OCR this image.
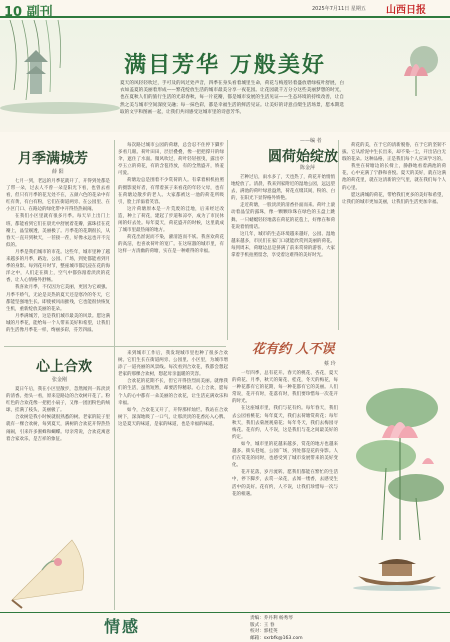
10 副刊	2025年7月11日 星期五 山西日报
满目芳华 万般美好
夏天的风轻轻吹过，手可及的风过处声音，四季在身头看着城里生命，荷花与梅莲轻着盛放碧绿枝叶舒展，白衣如盖夏的美丽着形成——繁花绽放生活的城市最美分享一夜花园。让花园就千万分分这些美丽梦想的时光，也在夏秋人们的旅行生活的光彩春秋，每一片花瓣，都是城市发展的生活见证——生态环境的持续改善，让自然之美与城市空间深度交融；每一抹色彩，都是幸福生活的鲜活见证。让美好的诗意点缀生活场景，愿本期选取的文字和图画一起，让我们共同感受这城市里的诗意芳华。
——编 者
月季满城芳
薛 阳

七月一到，老远的月季花就开了，开得到处都是了带一朵，过去人不曾一朵是阳光下看，也曾去看看，但只有月季的花无处不在，五颜六色的花朵中有红有黄，有白有粉，它们在街道两旁、在公园里、在小区门口、在路边的绿化带中开得热热闹闹。

在我们小区里就有很多月季。每天早上出门上班，都能看到它们在晨光中舒展着花瓣，露珠挂在花瓣上，晶莹剔透，美丽极了。月季花的花期很长，从春天一直开到秋天，一茬接一茬，好像永远也开不完似的。

月季是我们城市的市花。这些年，城市里种了越来越多的月季，路边、公园、广场，到处都能看到月季的身影。每到花开时节，整座城市都沉浸在花的海洋之中，人们走在街上，空气中都弥漫着淡淡的花香，让人心情格外舒畅。

我喜欢月季，不仅因为它美丽，更因为它顽强。月季不娇气，无论是炎热的夏天还是寒冷的冬天，它都能坚强地生长。即使被风雨摧残，它也能很快恢复生机，重新绽放美丽的花朵。

月季满城芳，这是我们城市最美的风景。愿这满城的月季花，能给每一个人带来美好和希望，让我们的生活像月季花一样，绚丽多彩，芬芳四溢。

每次路过城市公园的荷塘，总会忍不住停下脚步多看几眼。荷叶田田，层层叠叠，像一把把撑开的绿伞，遮住了水面。微风吹过，荷叶轻轻摇曳，露出亭亭玉立的荷花，有的含苞待放，有的全然盛开，娇羞可爱。

荷塘边总是围着不少赏荷的人。有拿着相机拍照的摄影爱好者，有带着孩子来看花的年轻父母，也有在荷塘边散步的老人。大家都被这一池的荷花所吸引，脸上洋溢着笑容。

这片荷塘原本是一片荒废的洼地，后来经过改造，种上了荷花，建起了步道和凉亭，成为了市民休闲的好去处。每年夏天，荷花盛开的时候，这里就成了城市里最热闹的地方。

荷花出淤泥而不染，濯清涟而不妖。我喜欢荷花的高洁，也喜欢荷叶的宽广。在这喧嚣的城市里，有这样一方清幽的荷塘，实在是一种难得的幸福。

圆荷始绽放
陈金萍

芒种过后，雨水多了，天也热了，荷花开始悄悄地绽放了。清晨，我来到家附近的湿地公园，远远望去，满池的荷叶绿意盎然，荷花点缀其间，粉的、白的，在阳光下显得格外娇艳。

走近荷塘，一股淡淡的清香扑面而来。荷叶上滚动着晶莹的露珠，像一颗颗珍珠在绿色的玉盘上跳舞。一只蜻蜓轻轻地落在荷花的花苞上，好像在和荷花说着悄悄话。

这几年，城市的生态环境越来越好，公园、湿地越来越多，市民们在家门口就能欣赏到美丽的荷花。每到周末，荷塘边总是挤满了前来赏荷的游客，大家拿着手机拍照留念，享受着这难得的美好时光。

荷花的美，在于它的清新脱俗，在于它的坚韧不拔。它从淤泥中生长出来，却不染一尘，开出洁白无瑕的花朵。这种品格，正是我们每个人应该学习的。

我坐在荷塘边的长椅上，静静地看着满池的荷花，心中充满了宁静和喜悦。夏天的美好，就在这满池的荷花里，就在这清新的空气里，就在我们每个人的心里。

愿这满城的荷花，带给我们更多的美好和希望，让我们的城市更加美丽，让我们的生活更加幸福。

花有约 人不误
蔡 玲

一年四季，总有花开。春天的桃花、杏花，夏天的荷花、月季，秋天的菊花、桂花，冬天的梅花，每一种花都有它的花期，每一种花都有它的美丽。人们常说，花开有时，花落有时，我们要珍惜每一次花开的时光。

在这座城市里，我们与花有约。每年春天，我们去公园看桃花；每年夏天，我们去荷塘赏荷花；每年秋天，我们去菊展观菊花；每年冬天，我们去梅园寻梅花。花有约，人不误，这是我们与花之间最美好的约定。

如今，城市里的花越来越多，赏花的地方也越来越多。街头巷尾，公园广场，到处都是花的身影。人们在赏花的同时，也感受到了城市发展带来的美好变化。

花开花落，岁月流转。愿我们都能在繁忙的生活中，停下脚步，去赏一朵花，去闻一缕香，去感受生活中的美好。花有约，人不误，让我们珍惜每一次与花的相遇。

心上合欢
张金刚

夏日午后，我在小区里散步，忽然闻到一阵淡淡的清香。抬头一看，原来是路边的合欢树开花了。粉红色的合欢花像一把把小扇子，又像一团团粉色的绒球，挂满了枝头，美丽极了。

合欢树是我小时候就很熟悉的树。老家的院子里就有一棵合欢树，每到夏天，满树的合欢花开得热热闹闹，引来许多蜜蜂和蝴蝶。母亲常说，合欢花寓意着合家欢乐，是吉祥的象征。

来到城市工作后，我发现城市里也种了很多合欢树。它们生长在街道两旁、公园里、小区里，为城市增添了一道亮丽的风景线。每次看到合欢花，我都会想起老家的那棵合欢树，想起母亲温暖的笑容。

合欢花的花期不长，但它开得热烈而美丽。就像我们的生活，虽然短暂，却要活得精彩。心上合欢，愿每个人的心中都有一朵美丽的合欢花，让生活充满欢乐和幸福。

如今，合欢花又开了，开得那样灿烂。我站在合欢树下，深深地吸了一口气，让那淡淡的花香沁入心脾。这是夏天的味道，是家的味道，也是幸福的味道。

情感	责编：乔丹利 杨秀琴
版式：王 春
校对：郭桂英
邮箱：sxrbfk@163.com
